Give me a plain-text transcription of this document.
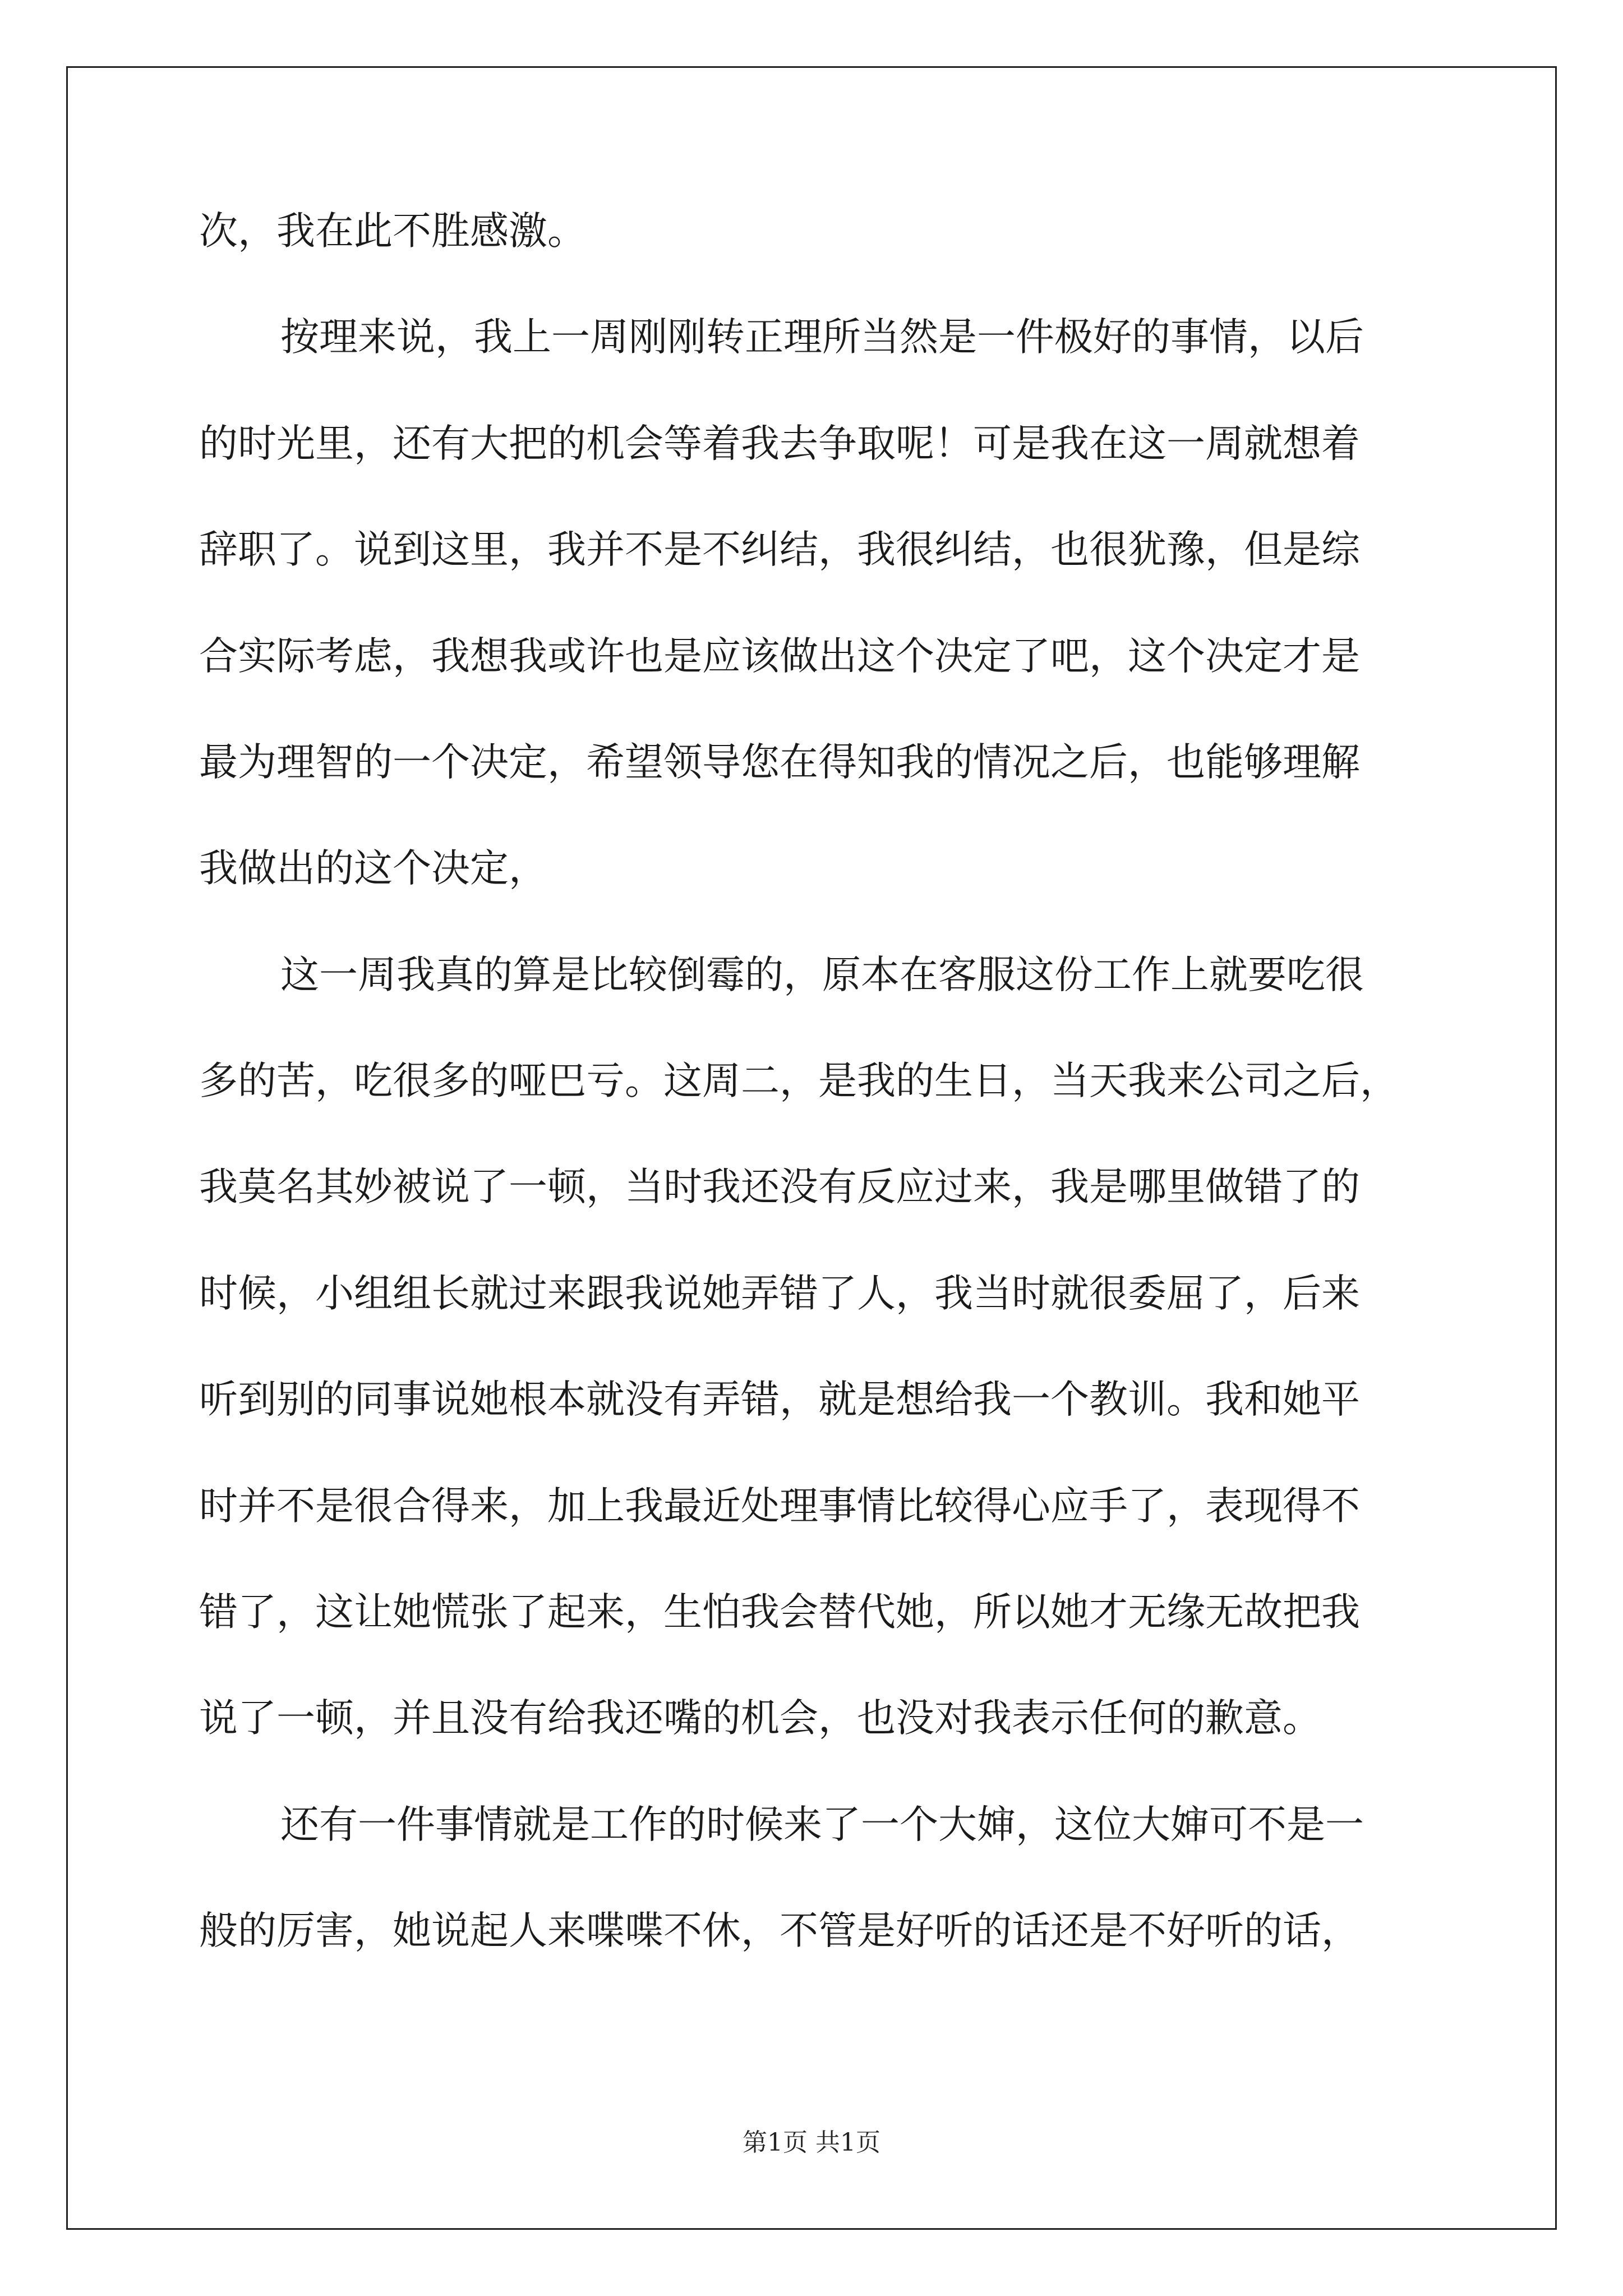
次，我在此不胜感激。
按理来说，我上一周刚刚转正理所当然是一件极好的事情，以后
的时光里，还有大把的机会等着我去争取呢！可是我在这一周就想着
辞职了。说到这里，我并不是不纠结，我很纠结，也很犹豫，但是综
合实际考虑，我想我或许也是应该做出这个决定了吧，这个决定才是
最为理智的一个决定，希望领导您在得知我的情况之后，也能够理解
我做出的这个决定，
这一周我真的算是比较倒霉的，原本在客服这份工作上就要吃很
多的苦，吃很多的哑巴亏。这周二，是我的生日，当天我来公司之后，
我莫名其妙被说了一顿，当时我还没有反应过来，我是哪里做错了的
时候，小组组长就过来跟我说她弄错了人，我当时就很委屈了，后来
听到别的同事说她根本就没有弄错，就是想给我一个教训。我和她平
时并不是很合得来，加上我最近处理事情比较得心应手了，表现得不
错了，这让她慌张了起来，生怕我会替代她，所以她才无缘无故把我
说了一顿，并且没有给我还嘴的机会，也没对我表示任何的歉意。
还有一件事情就是工作的时候来了一个大婶，这位大婶可不是一
般的厉害，她说起人来喋喋不休，不管是好听的话还是不好听的话，
第1页 共1页
